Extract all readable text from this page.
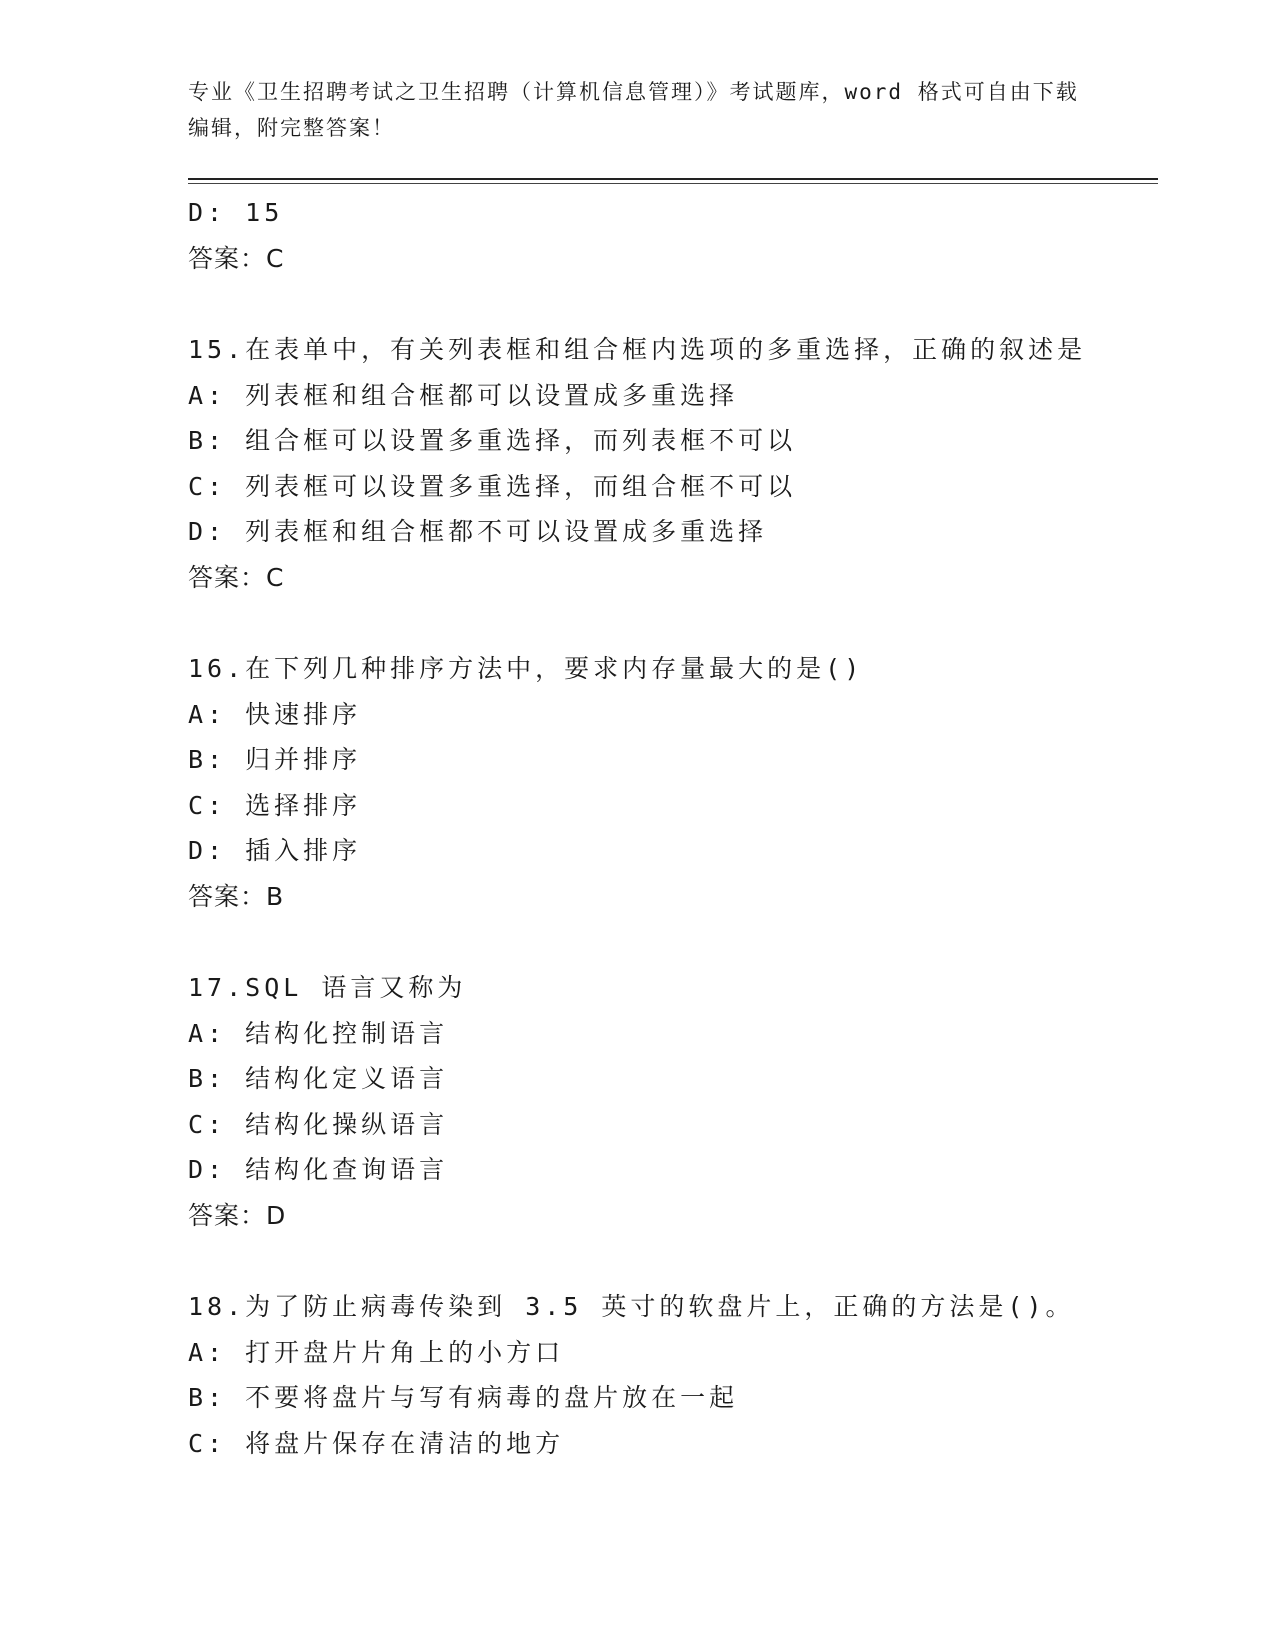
专业《卫生招聘考试之卫生招聘（计算机信息管理）》考试题库，word 格式可自由下载编辑，附完整答案！
D: 15
答案：C
15.在表单中，有关列表框和组合框内选项的多重选择，正确的叙述是
A: 列表框和组合框都可以设置成多重选择
B: 组合框可以设置多重选择，而列表框不可以
C: 列表框可以设置多重选择，而组合框不可以
D: 列表框和组合框都不可以设置成多重选择
答案：C
16.在下列几种排序方法中，要求内存量最大的是()
A: 快速排序
B: 归并排序
C: 选择排序
D: 插入排序
答案：B
17.SQL 语言又称为
A: 结构化控制语言
B: 结构化定义语言
C: 结构化操纵语言
D: 结构化查询语言
答案：D
18.为了防止病毒传染到 3.5 英寸的软盘片上，正确的方法是()。
A: 打开盘片片角上的小方口
B: 不要将盘片与写有病毒的盘片放在一起
C: 将盘片保存在清洁的地方
